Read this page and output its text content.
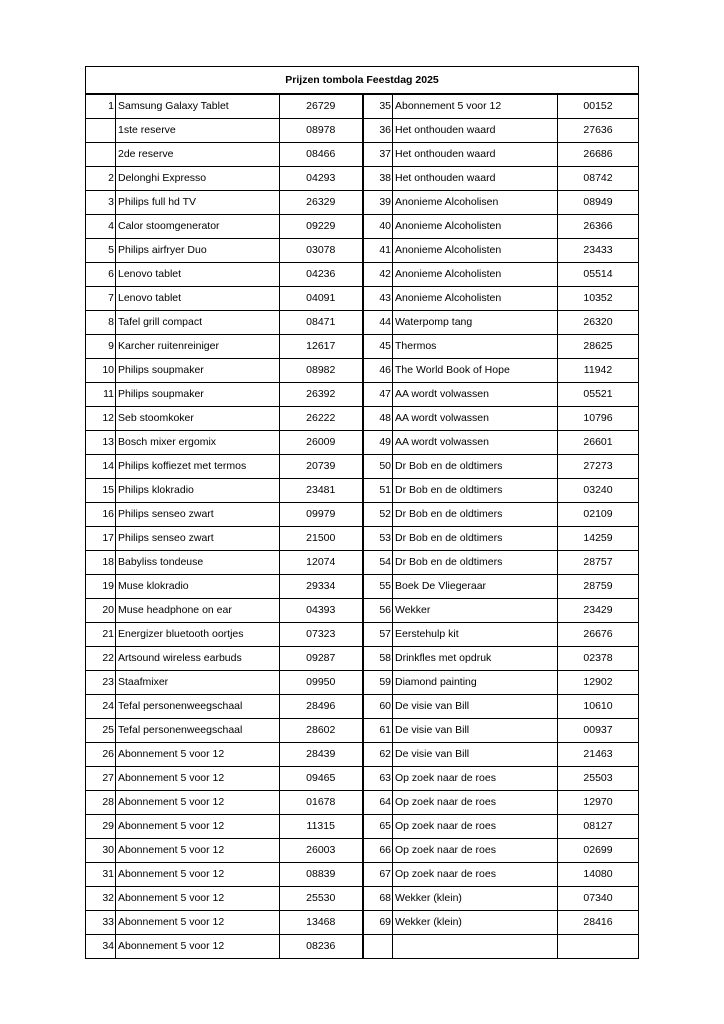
Prijzen tombola Feestdag 2025					
1	Samsung Galaxy Tablet	26729	35	Abonnement 5 voor 12	00152
	1ste reserve	08978	36	Het onthouden waard	27636
	2de reserve	08466	37	Het onthouden waard	26686
2	Delonghi Expresso	04293	38	Het onthouden waard	08742
3	Philips full hd TV	26329	39	Anonieme Alcoholisen	08949
4	Calor stoomgenerator	09229	40	Anonieme Alcoholisten	26366
5	Philips airfryer Duo	03078	41	Anonieme Alcoholisten	23433
6	Lenovo tablet	04236	42	Anonieme Alcoholisten	05514
7	Lenovo tablet	04091	43	Anonieme Alcoholisten	10352
8	Tafel grill compact	08471	44	Waterpomp tang	26320
9	Karcher ruitenreiniger	12617	45	Thermos	28625
10	Philips soupmaker	08982	46	The World Book of Hope	11942
11	Philips soupmaker	26392	47	AA wordt volwassen	05521
12	Seb stoomkoker	26222	48	AA wordt volwassen	10796
13	Bosch mixer ergomix	26009	49	AA wordt volwassen	26601
14	Philips koffiezet met termos	20739	50	Dr Bob en de oldtimers	27273
15	Philips klokradio	23481	51	Dr Bob en de oldtimers	03240
16	Philips senseo zwart	09979	52	Dr Bob en de oldtimers	02109
17	Philips senseo zwart	21500	53	Dr Bob en de oldtimers	14259
18	Babyliss tondeuse	12074	54	Dr Bob en de oldtimers	28757
19	Muse klokradio	29334	55	Boek De Vliegeraar	28759
20	Muse headphone on ear	04393	56	Wekker	23429
21	Energizer bluetooth oortjes	07323	57	Eerstehulp kit	26676
22	Artsound wireless earbuds	09287	58	Drinkfles met opdruk	02378
23	Staafmixer	09950	59	Diamond painting	12902
24	Tefal personenweegschaal	28496	60	De visie van Bill	10610
25	Tefal personenweegschaal	28602	61	De visie van Bill	00937
26	Abonnement 5 voor 12	28439	62	De visie van Bill	21463
27	Abonnement 5 voor 12	09465	63	Op zoek naar de roes	25503
28	Abonnement 5 voor 12	01678	64	Op zoek naar de roes	12970
29	Abonnement 5 voor 12	11315	65	Op zoek naar de roes	08127
30	Abonnement 5 voor 12	26003	66	Op zoek naar de roes	02699
31	Abonnement 5 voor 12	08839	67	Op zoek naar de roes	14080
32	Abonnement 5 voor 12	25530	68	Wekker (klein)	07340
33	Abonnement 5 voor 12	13468	69	Wekker (klein)	28416
34	Abonnement 5 voor 12	08236			
